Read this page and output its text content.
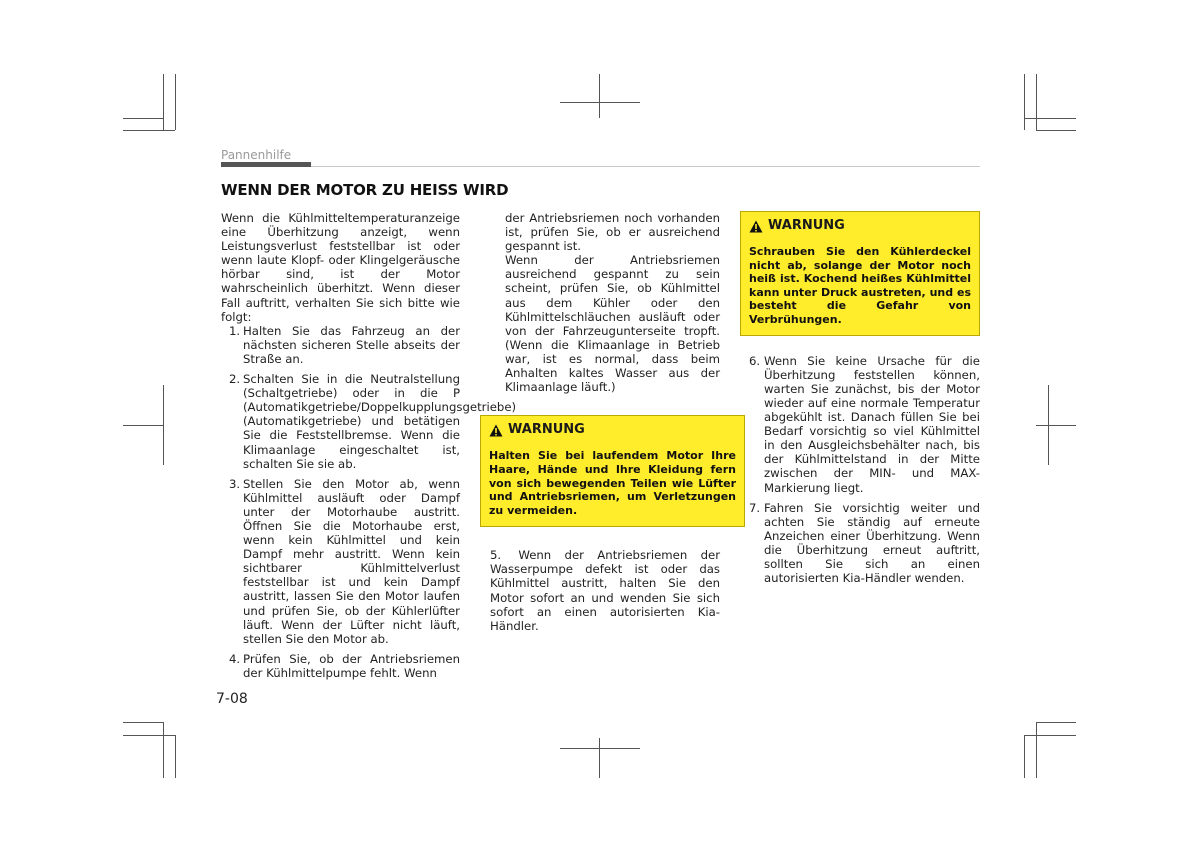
Pannenhilfe
WENN DER MOTOR ZU HEISS WIRD

Wenn die Kühlmitteltemperaturanzeige eine Überhitzung anzeigt, wenn Leistungsverlust feststellbar ist oder wenn laute Klopf- oder Klingelgeräusche hörbar sind, ist der Motor wahrscheinlich überhitzt. Wenn dieser Fall auftritt, verhalten Sie sich bitte wie folgt:

1. Halten Sie das Fahrzeug an der nächsten sicheren Stelle abseits der Straße an.
2. Schalten Sie in die Neutralstellung (Schaltgetriebe) oder in die P (Automatikgetriebe/Doppelkupplungsgetriebe) (Automatikgetriebe) und betätigen Sie die Feststellbremse. Wenn die Klimaanlage eingeschaltet ist, schalten Sie sie ab.
3. Stellen Sie den Motor ab, wenn Kühlmittel ausläuft oder Dampf unter der Motorhaube austritt. Öffnen Sie die Motorhaube erst, wenn kein Kühlmittel und kein Dampf mehr austritt. Wenn kein sichtbarer Kühlmittelverlust feststellbar ist und kein Dampf austritt, lassen Sie den Motor laufen und prüfen Sie, ob der Kühlerlüfter läuft. Wenn der Lüfter nicht läuft, stellen Sie den Motor ab.
4. Prüfen Sie, ob der Antriebsriemen der Kühlmittelpumpe fehlt. Wenn

der Antriebsriemen noch vorhanden ist, prüfen Sie, ob er ausreichend gespannt ist.

Wenn der Antriebsriemen ausreichend gespannt zu sein scheint, prüfen Sie, ob Kühlmittel aus dem Kühler oder den Kühlmittelschläuchen ausläuft oder von der Fahrzeugunterseite tropft. (Wenn die Klimaanlage in Betrieb war, ist es normal, dass beim Anhalten kaltes Wasser aus der Klimaanlage läuft.)

WARNUNG

Halten Sie bei laufendem Motor Ihre Haare, Hände und Ihre Kleidung fern von sich bewegenden Teilen wie Lüfter und Antriebsriemen, um Verletzungen zu vermeiden.

5. Wenn der Antriebsriemen der Wasserpumpe defekt ist oder das Kühlmittel austritt, halten Sie den Motor sofort an und wenden Sie sich sofort an einen autorisierten Kia-Händler.
WARNUNG

Schrauben Sie den Kühlerdeckel nicht ab, solange der Motor noch heiß ist. Kochend heißes Kühlmittel kann unter Druck austreten, und es besteht die Gefahr von Verbrühungen.

6. Wenn Sie keine Ursache für die Überhitzung feststellen können, warten Sie zunächst, bis der Motor wieder auf eine normale Temperatur abgekühlt ist. Danach füllen Sie bei Bedarf vorsichtig so viel Kühlmittel in den Ausgleichsbehälter nach, bis der Kühlmittelstand in der Mitte zwischen der MIN- und MAX-Markierung liegt.
7. Fahren Sie vorsichtig weiter und achten Sie ständig auf erneute Anzeichen einer Überhitzung. Wenn die Überhitzung erneut auftritt, sollten Sie sich an einen autorisierten Kia-Händler wenden.
7-08
